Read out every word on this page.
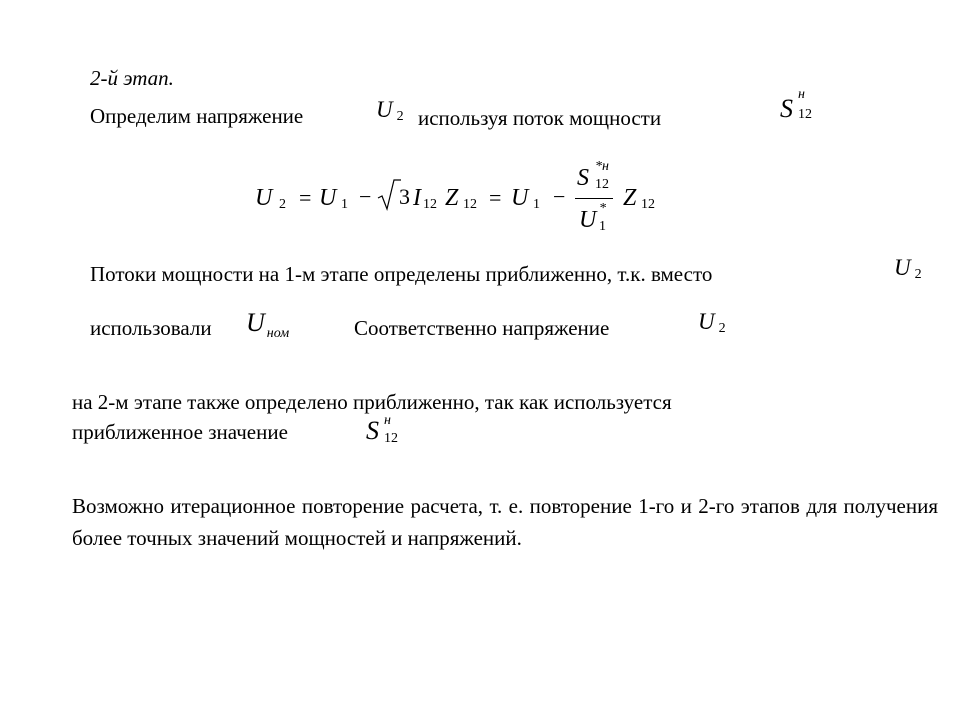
2-й этап.
Определим напряжение	U $_2$ используя поток мощности	S н
12
U 2 = U 1 − 3 I 12 Z 12 = U 1 −
S *н
12
U *
1
Z 12
Потоки мощности на 1-м этапе определены приближенно, т.к. вместо	U $_2$
использовали U $_{ном}$	Соответственно напряжение	U $_2$
на 2-м этапе также определено приближенно, так как используется
приближенное значение	S н
12
Возможно итерационное повторение расчета, т. е. повторение 1-го и 2-го этапов для получения более точных значений мощностей и напряжений.
